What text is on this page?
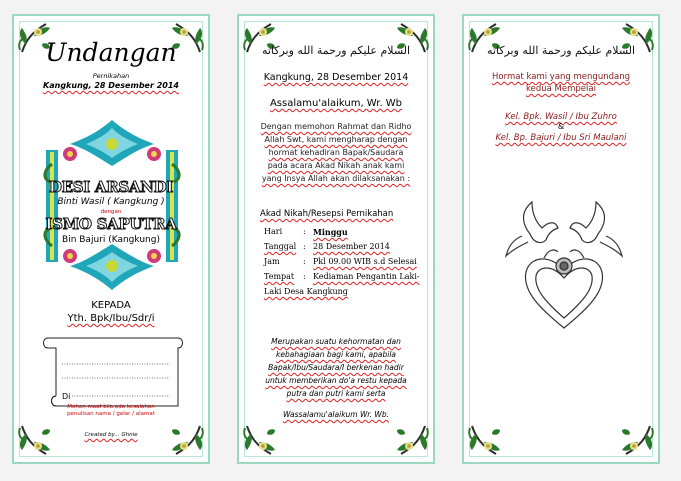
Undangan
Pernikahan
Kangkung, 28 Desember 2014
DESI ARSANDI
Binti Wasil ( Kangkung )
dengan
ISMO SAPUTRA
Bin Bajuri (Kangkung)
KEPADA
Yth. Bpk/Ibu/Sdr/i
Di
Mohon maaf bila ada kesalahan
penulisan nama / gelar / alamat
Created by... Ghnie
السلام عليكم ورحمة الله وبركاته
Kangkung, 28 Desember 2014
Assalamu'alaikum, Wr. Wb
Dengan memohon Rahmat dan Ridho
Allah Swt, kami mengharap dengan
hormat kehadiran Bapak/Saudara
pada acara Akad Nikah anak kami
yang Insya Allah akan dilaksanakan :
Akad Nikah/Resepsi Pernikahan
Hari	: Minggu
Tanggal : 28 Desember 2014
Jam	: Pkl 09.00 WIB s.d Selesai
Tempat : Kediaman Pengantin Laki-
Laki Desa Kangkung
Merupakan suatu kehormatan dan
kebahagiaan bagi kami, apabila
Bapak/Ibu/Saudara/I berkenan hadir
untuk memberikan do'a restu kepada
putra dan putri kami serta
Wassalamu'alaikum Wr. Wb.
السلام عليكم ورحمة الله وبركاته
Hormat kami yang mengundang
kedua Mempelai
Kel. Bpk. Wasil / Ibu Zuhro
&
Kel. Bp. Bajuri / Ibu Sri Maulani
